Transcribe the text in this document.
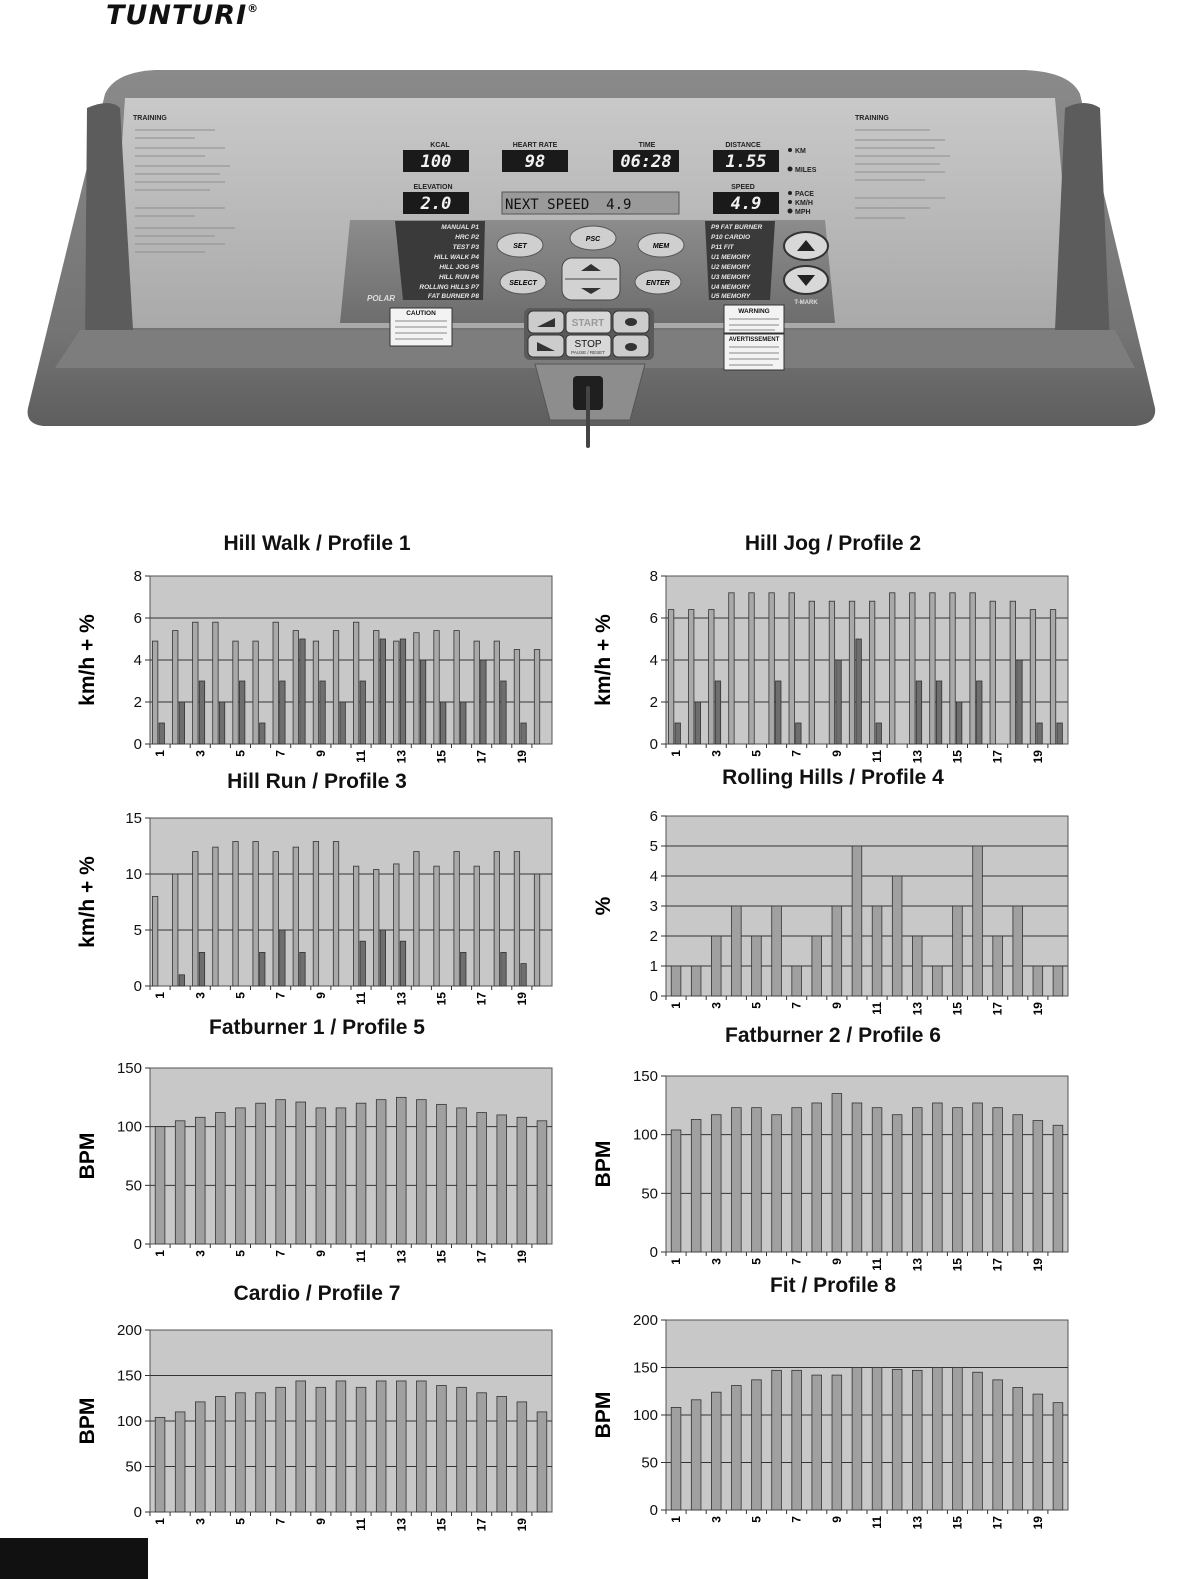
TUNTURI®
KCAL	HEART RATE	TIME	DISTANCE
ELEVATION	SPEED
KM
MILES
PACE
KM/H
MPH
TRAINING	TRAINING
100	98	06:28	1.55
2.0	NEXT SPEED  4.9	4.9
MANUAL P1
HRC P2
TEST P3
HILL WALK P4
HILL JOG P5
HILL RUN P6
ROLLING HILLS P7
FAT BURNER P8
P9 FAT BURNER
P10 CARDIO
P11 FIT
U1 MEMORY
U2 MEMORY
U3 MEMORY
U4 MEMORY
U5 MEMORY
SET
PSC
MEM
SELECT	ENTER
T-MARK
POLAR
CAUTION	WARNING
AVERTISSEMENT
START
STOP
PAUSE / RESET
Hill Walk / Profile 1
0
2
4
6
8
km/h + %
1 3 5 7 9 11 13 15 17 19
Hill Jog / Profile 2
0
2
4
6
8
km/h + %
1 3 5 7 9 11 13 15 17 19
Hill Run / Profile 3
0
5
10
15
km/h + %
1 3 5 7 9 11 13 15 17 19
Rolling Hills / Profile 4
0
1
2
3
4
5
6
%
1 3 5 7 9 11 13 15 17 19
Fatburner 1 / Profile 5
0
50
100
150
BPM
1 3 5 7 9 11 13 15 17 19
Fatburner 2 / Profile 6
0
50
100
150
BPM
1 3 5 7 9 11 13 15 17 19
Cardio / Profile 7
0
50
100
150
200
BPM
1 3 5 7 9 11 13 15 17 19
Fit / Profile 8
0
50
100
150
200
BPM
1 3 5 7 9 11 13 15 17 19
